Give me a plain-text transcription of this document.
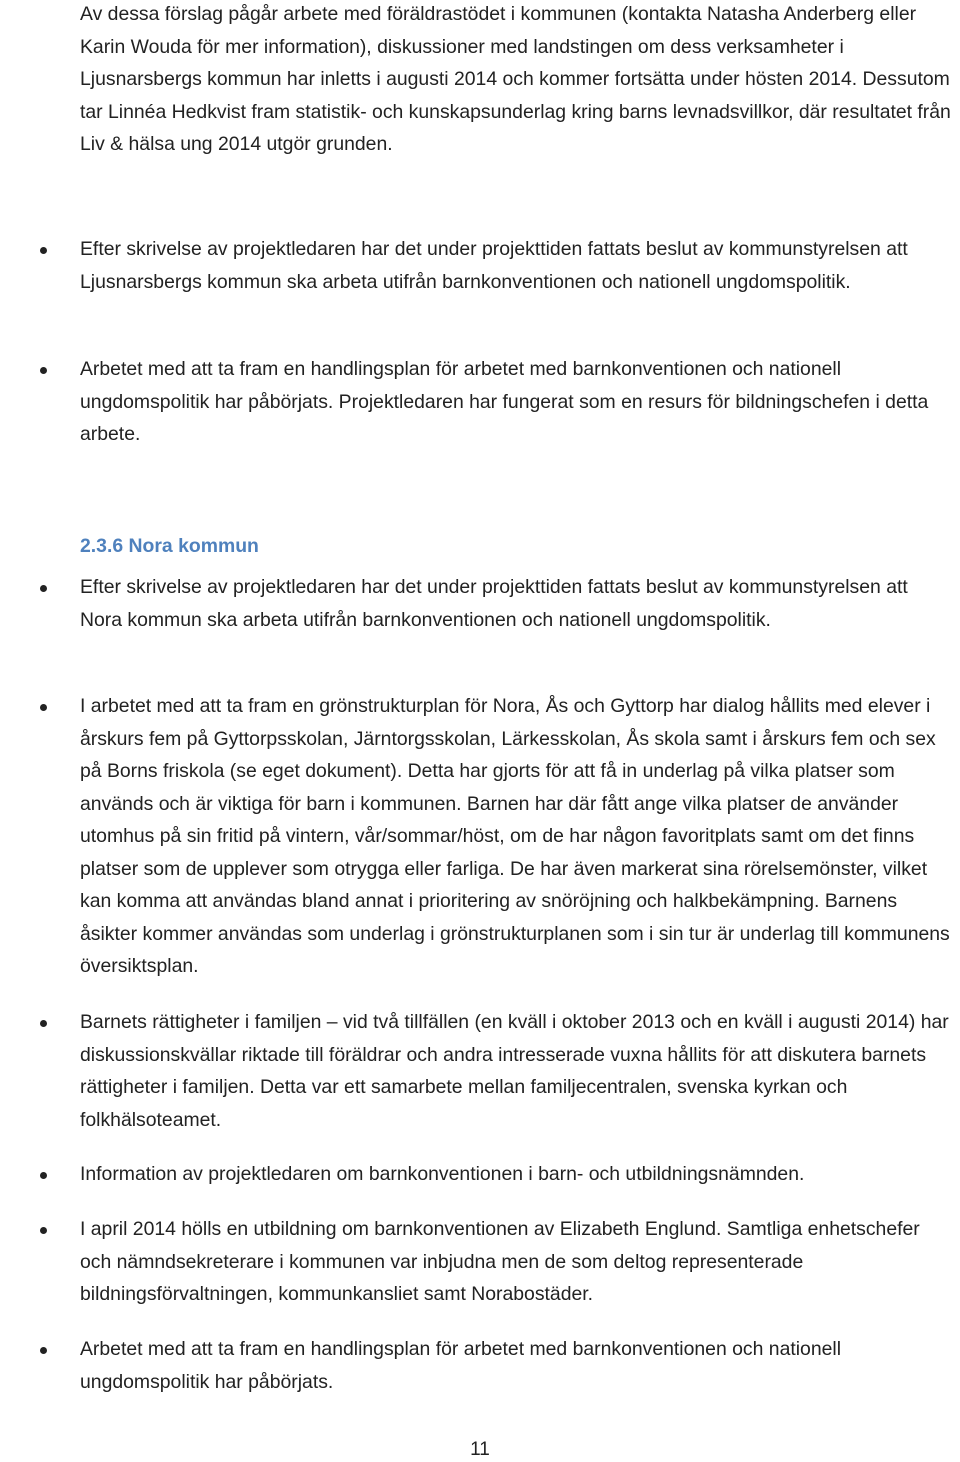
Av dessa förslag pågår arbete med föräldrastödet i kommunen (kontakta Natasha Anderberg eller Karin Wouda för mer information), diskussioner med landstingen om dess verksamheter i Ljusnarsbergs kommun har inletts i augusti 2014 och kommer fortsätta under hösten 2014. Dessutom tar Linnéa Hedkvist fram statistik- och kunskapsunderlag kring barns levnadsvillkor, där resultatet från Liv & hälsa ung 2014 utgör grunden.

Efter skrivelse av projektledaren har det under projekttiden fattats beslut av kommunstyrelsen att Ljusnarsbergs kommun ska arbeta utifrån barnkonventionen och nationell ungdomspolitik.

Arbetet med att ta fram en handlingsplan för arbetet med barnkonventionen och nationell ungdomspolitik har påbörjats. Projektledaren har fungerat som en resurs för bildningschefen i detta arbete.

2.3.6 Nora kommun

Efter skrivelse av projektledaren har det under projekttiden fattats beslut av kommunstyrelsen att Nora kommun ska arbeta utifrån barnkonventionen och nationell ungdomspolitik.

I arbetet med att ta fram en grönstrukturplan för Nora, Ås och Gyttorp har dialog hållits med elever i årskurs fem på Gyttorpsskolan, Järntorgsskolan, Lärkesskolan, Ås skola samt i årskurs fem och sex på Borns friskola (se eget dokument). Detta har gjorts för att få in underlag på vilka platser som används och är viktiga för barn i kommunen. Barnen har där fått ange vilka platser de använder utomhus på sin fritid på vintern, vår/sommar/höst, om de har någon favoritplats samt om det finns platser som de upplever som otrygga eller farliga. De har även markerat sina rörelsemönster, vilket kan komma att användas bland annat i prioritering av snöröjning och halkbekämpning. Barnens åsikter kommer användas som underlag i grönstrukturplanen som i sin tur är underlag till kommunens översiktsplan.

Barnets rättigheter i familjen – vid två tillfällen (en kväll i oktober 2013 och en kväll i augusti 2014) har diskussionskvällar riktade till föräldrar och andra intresserade vuxna hållits för att diskutera barnets rättigheter i familjen. Detta var ett samarbete mellan familjecentralen, svenska kyrkan och folkhälsoteamet.

Information av projektledaren om barnkonventionen i barn- och utbildningsnämnden.

I april 2014 hölls en utbildning om barnkonventionen av Elizabeth Englund. Samtliga enhetschefer och nämndsekreterare i kommunen var inbjudna men de som deltog representerade bildningsförvaltningen, kommunkansliet samt Norabostäder.

Arbetet med att ta fram en handlingsplan för arbetet med barnkonventionen och nationell ungdomspolitik har påbörjats.

11
